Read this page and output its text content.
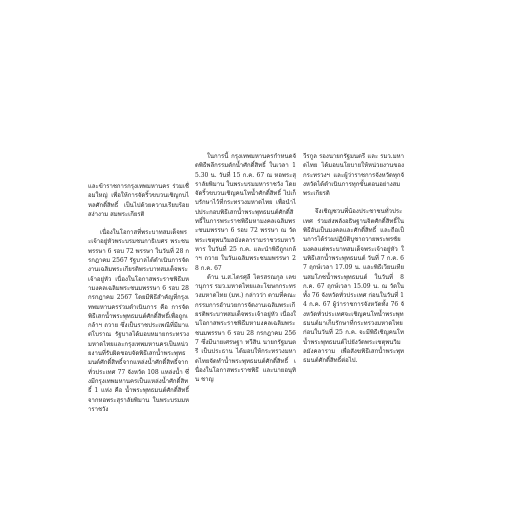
และข้าราชการกรุงเทพมหานคร ร่วมเชื่อมใหญ่ เพื่อให้การจัดริ้วขบวนเชิญกบไหลศักดิ์สิทธิ์ เป็นไปด้วยความเรียบร้อย สง่างาม สมพระเกียรติ

เนื่องในโอกาสที่พระบาทสมเด็จพระเจ้าอยู่หัวพระบรมชนกาธิเบศร พระชนพรรษา 6 รอบ 72 พรรษา ในวันที่ 28 กรกฎาคม 2567 รัฐบาลได้ดำเนินการจัดงานเฉลิมพระเกียรติพระบาทสมเด็จพระเจ้าอยู่หัว เนื่องในโอกาสพระราชพิธีมหามงคลเฉลิมพระชนมพรรษา 6 รอบ 28 กรกฎาคม 2567 โดยมีพิธีสำคัญที่กรุงเทพมหานครร่วมดำเนินการ คือ การจัดพิธีเสกน้ำพระพุทธมนต์ศักดิ์สิทธิ์เพื่อถูกเกล้าฯ ถวาย ซึ่งเป็นราชประเพณีที่มีมาแต่โบราณ รัฐบาลได้มอบหมายกระทรวงมหาดไทยและกรุงเทพมหานครเป็นหน่วยงานที่รับผิดชอบจัดพิธีเสกน้ำพระพุทธมนต์ศักดิ์สิทธิ์จากแหล่งน้ำศักดิ์สิทธิ์จากทั่วประเทศ 77 จังหวัด 108 แหล่งน้ำ ซึ่งมีกรุงเทพมหานครเป็นแหล่งน้ำศักดิ์สิทธิ์ 1 แห่ง คือ น้ำพระพุทธมนต์ศักดิ์สิทธิ์ จากหอพระสุราลัยพิมาน ในพระบรมมหาราชวัง

ในการนี้ กรุงเทพมหานครกำหนดจัดพิธีพลีกรรมตักน้ำศักดิ์สิทธิ์ ในเวลา 15.30 น. วันที่ 15 ก.ค. 67 ณ หอพระสุราลัยพิมาน ในพระบรมมหาราชวัง โดยจัดริ้วขบวนเชิญคนโทน้ำศักดิ์สิทธิ์ ไปเก็บรักษาไว้ที่กระทรวงมหาดไทย เพื่อนำไปประกอบพิธีเสกน้ำพระพุทธมนต์ศักดิ์สิทธิ์ในการพระราชพิธีมหามงคลเฉลิมพระชนมพรรษา 6 รอบ 72 พรรษา ณ วัดพระเชตุพนวิมลมังคลารามราชวรมหาวิหาร ในวันที่ 25 ก.ค. และนำพิธีถูกเกล้าฯ ถวาย ในวันเฉลิมพระชนมพรรษา 28 ก.ค. 67

ด้าน น.ส.ไตรศุลี ไตรสรณกุล เลขานุการ รมว.มหาดไทยและโฆษกกระทรวงมหาดไทย (มท.) กล่าวว่า ตามที่คณะกรรมการอำนวยการจัดงานเฉลิมพระเกียรติพระบาทสมเด็จพระเจ้าอยู่หัว เนื่องในโอกาสพระราชพิธีมหามงคลเฉลิมพระชนมพรรษา 6 รอบ 28 กรกฎาคม 2567 ซึ่งมีนายเศรษฐา ทวีสิน นายกรัฐมนตรี เป็นประธาน ได้มอบให้กระทรวงมหาดไทยจัดทำน้ำพระพุทธมนต์ศักดิ์สิทธิ์ เนื่องในโอกาสพระราชพิธี และนายอนุทิน ชาญ

วีรกูล รองนายกรัฐมนตรี และ รมว.มหาดไทย ได้มอบนโยบายให้หน่วยงานของกระทรวงฯ และผู้ว่าราชการจังหวัดทุกจังหวัดได้ดำเนินการทุกขั้นตอนอย่างสมพระเกียรติ

จึงเชิญชวนพี่น้องประชาชนทั่วประเทศ ร่วมส่งพลังอธิษฐานจิตศักดิ์สิทธิ์ในพิธีอันเป็นมงคลและศักดิ์สิทธิ์ และถือเป็นการได้ร่วมปฏิบัติบูชาถวายพระพรชัยมงคลแด่พระบาทสมเด็จพระเจ้าอยู่หัว ในพิธีเสกน้ำพระพุทธมนต์ วันที่ 7 ก.ค. 67 ฤกษ์เวลา 17.09 น. และพิธีเวียนเทียนสมโภชน้ำพระพุทธมนต์ ในวันที่ 8 ก.ค. 67 ฤกษ์เวลา 15.09 น. ณ วัดในทั้ง 76 จังหวัดทั่วประเทศ ก่อนในวันที่ 14 ก.ค. 67 ผู้ว่าราชการจังหวัดทั้ง 76 จังหวัดทั่วประเทศจะเชิญคนโทน้ำพระพุทธมนต์มาเก็บรักษาที่กระทรวงมหาดไทย ก่อนในวันที่ 25 ก.ค. จะมีพิธีเชิญคนโทน้ำพระพุทธมนต์ไปยังวัดพระเชตุพนวิมลมังคลาราม เพื่อสังฆพิธีเสกน้ำพระพุทธมนต์ศักดิ์สิทธิ์ต่อไป.
